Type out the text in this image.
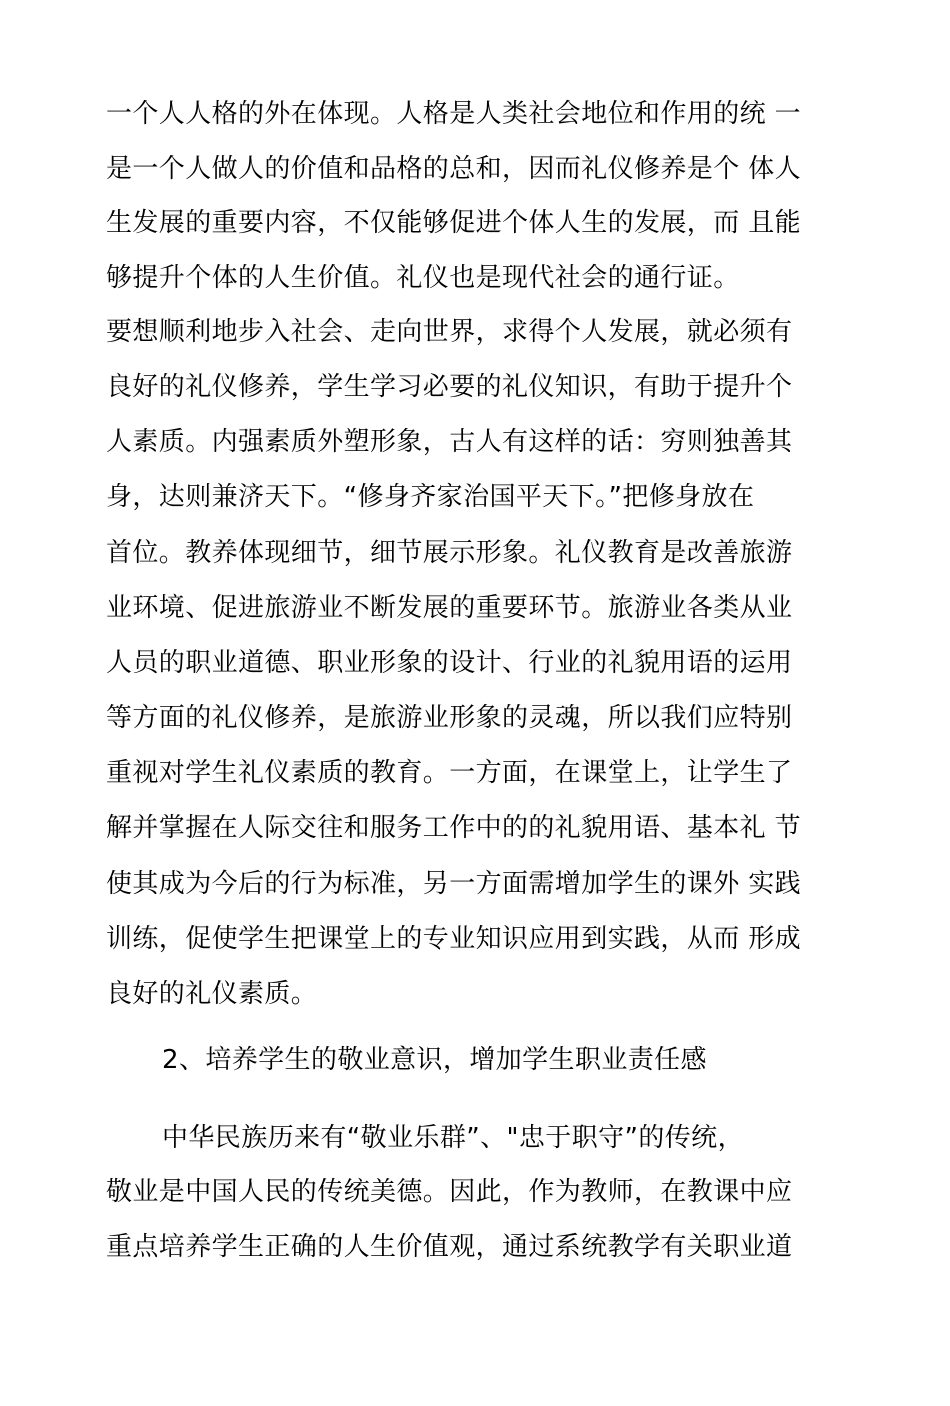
一个人人格的外在体现。人格是人类社会地位和作用的统 一
是一个人做人的价值和品格的总和，因而礼仪修养是个 体人
生发展的重要内容，不仅能够促进个体人生的发展，而 且能
够提升个体的人生价值。礼仪也是现代社会的通行证。
要想顺利地步入社会、走向世界，求得个人发展，就必须有
良好的礼仪修养，学生学习必要的礼仪知识，有助于提升个
人素质。内强素质外塑形象，古人有这样的话：穷则独善其
身，达则兼济天下。“修身齐家治国平天下。”把修身放在
首位。教养体现细节，细节展示形象。礼仪教育是改善旅游
业环境、促进旅游业不断发展的重要环节。旅游业各类从业
人员的职业道德、职业形象的设计、行业的礼貌用语的运用
等方面的礼仪修养，是旅游业形象的灵魂，所以我们应特别
重视对学生礼仪素质的教育。一方面，在课堂上，让学生了
解并掌握在人际交往和服务工作中的的礼貌用语、基本礼 节
使其成为今后的行为标准，另一方面需增加学生的课外 实践
训练，促使学生把课堂上的专业知识应用到实践，从而 形成
良好的礼仪素质。
2、培养学生的敬业意识，增加学生职业责任感
中华民族历来有“敬业乐群”、"忠于职守”的传统，
敬业是中国人民的传统美德。因此，作为教师，在教课中应
重点培养学生正确的人生价值观，通过系统教学有关职业道
